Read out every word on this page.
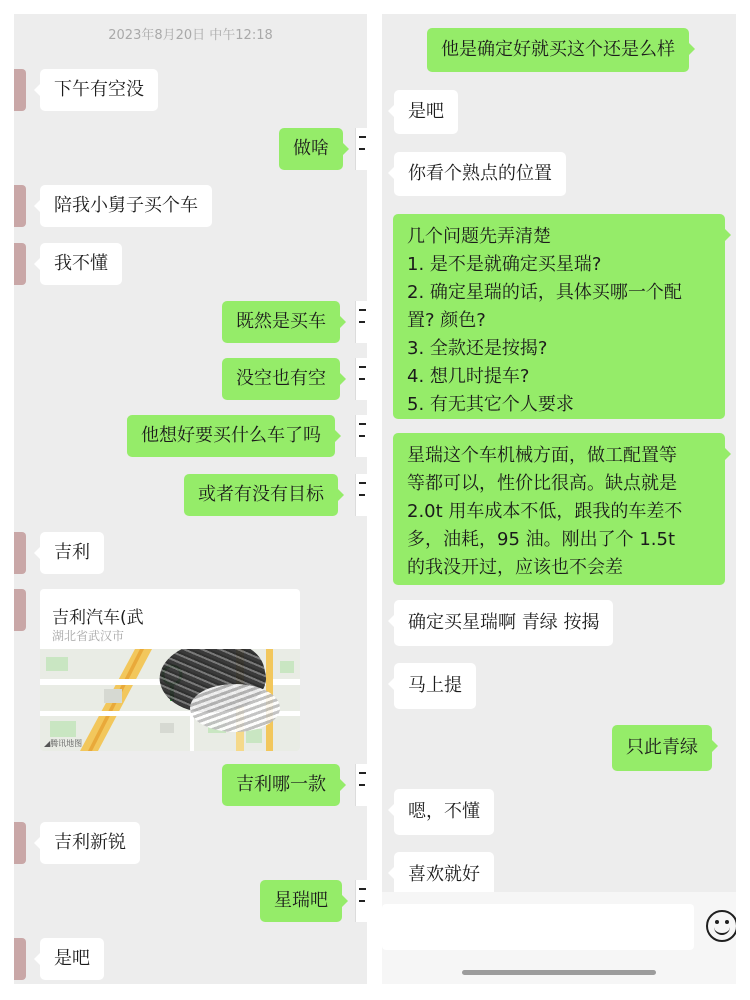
2023年8月20日 中午12:18
下午有空没
做啥
陪我小舅子买个车
我不懂
既然是买车
没空也有空
他想好要买什么车了吗
或者有没有目标
吉利
吉利汽车(武
湖北省武汉市
◢腾讯地图
吉利哪一款
吉利新锐
星瑞吧
是吧
他是确定好就买这个还是么样
是吧
你看个熟点的位置
几个问题先弄清楚
1. 是不是就确定买星瑞?
2. 确定星瑞的话，具体买哪一个配
置? 颜色?
3. 全款还是按揭?
4. 想几时提车?
5. 有无其它个人要求
星瑞这个车机械方面，做工配置等
等都可以，性价比很高。缺点就是
2.0t 用车成本不低，跟我的车差不
多，油耗，95 油。刚出了个 1.5t
的我没开过，应该也不会差
确定买星瑞啊 青绿 按揭
马上提
只此青绿
嗯，不懂
喜欢就好
